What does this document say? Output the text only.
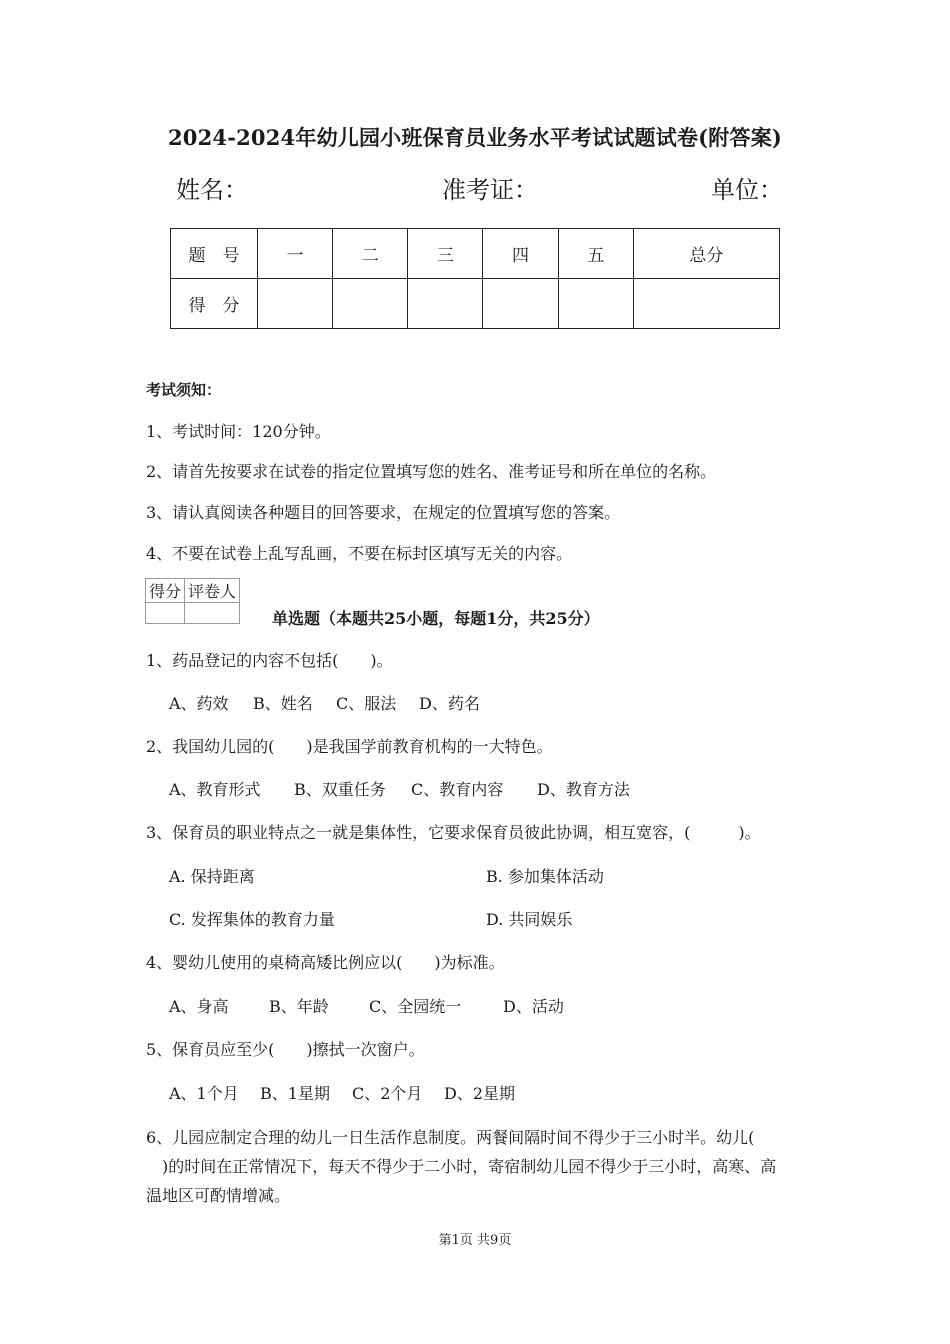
2024-2024年幼儿园小班保育员业务水平考试试题试卷(附答案)
姓名：	准考证：	单位：
题　号	一	二	三	四	五	总分
得　分						
考试须知：
1、考试时间：120分钟。
2、请首先按要求在试卷的指定位置填写您的姓名、准考证号和所在单位的名称。
3、请认真阅读各种题目的回答要求，在规定的位置填写您的答案。
4、不要在试卷上乱写乱画，不要在标封区填写无关的内容。
得分	评卷人

单选题（本题共25小题，每题1分，共25分）
1、药品登记的内容不包括(　　)。
A、药效 B、姓名 C、服法 D、药名
2、我国幼儿园的(　　)是我国学前教育机构的一大特色。
A、教育形式 B、双重任务 C、教育内容 D、教育方法
3、保育员的职业特点之一就是集体性，它要求保育员彼此协调，相互宽容，(　　　)。
A. 保持距离	B. 参加集体活动
C. 发挥集体的教育力量	D. 共同娱乐
4、婴幼儿使用的桌椅高矮比例应以(　　)为标准。
A、身高	B、年龄	C、全园统一	D、活动
5、保育员应至少(　　)擦拭一次窗户。
A、1个月 B、1星期 C、2个月 D、2星期
6、儿园应制定合理的幼儿一日生活作息制度。两餐间隔时间不得少于三小时半。幼儿(
　)的时间在正常情况下，每天不得少于二小时，寄宿制幼儿园不得少于三小时，高寒、高
温地区可酌情增减。
第1页 共9页
